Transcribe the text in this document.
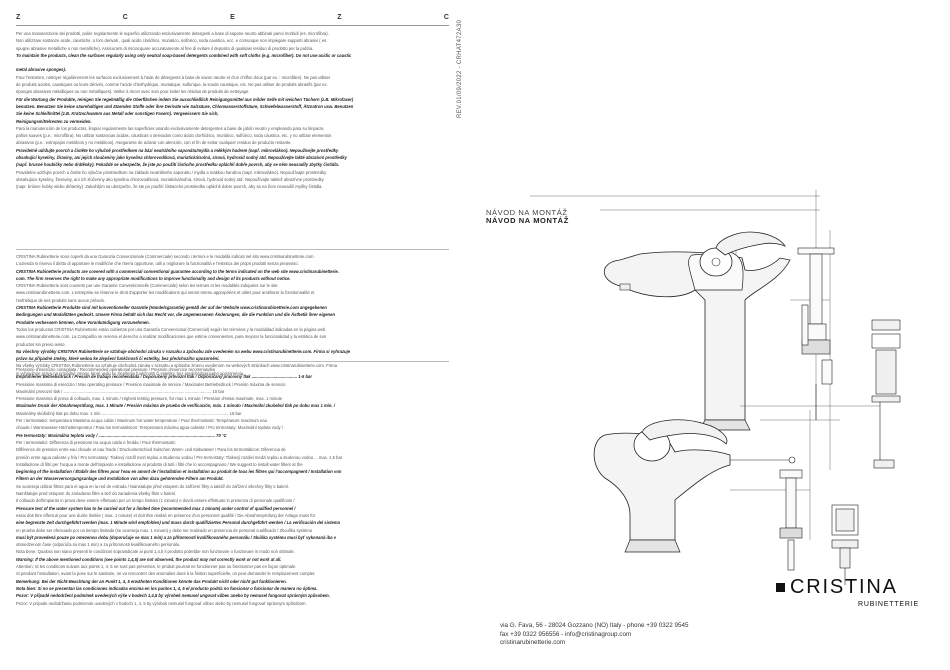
Z	C	E	Z	C

Per una manutenzione dei prodotti, pulire regolarmente le superfici utilizzando esclusivamente detergenti a base di sapone neutro abbinati panni morbidi (es. microfibra).

Non utilizzare sostanze acide, caustiche, o loro derivati , quali acido cloridrico, muriatico, solforico, soda caustica, ecc. e comunque non impiegare supporti abrasivi ( es.

spugne abrasive metalliche o non metalliche). Assicurarsi di risciacquare accuratamente al fine di evitare il deposito di qualsiasi residuo di prodotto per la pulizia.

To maintain the products, clean the surfaces regularly using only neutral soap-based detergents combined with soft cloths (e.g. microfiber). Do not use acidic or caustic

metal abrasive sponges).

Pour l'entretien, nettoyer régulièrement les surfaces exclusivement à l'aide de détergents à base de savon neutre et d'un chiffon doux (par ex. : microfibre). Ne pas utiliser

de produits acides, caustiques ou leurs dérivés, comme l'acide chlorhydrique, muriatique, sulfurique, la soude caustique, etc. Ne pas utiliser de produits abrasifs (par ex.

éponges abrasives métalliques ou non métalliques). Veiller à rincer avec soin pour éviter les résidus de produits de nettoyage.

Für die Wartung der Produkte, reinigen Sie regelmäßig die Oberflächen indem Sie ausschließlich Reinigungsmittel aus milder Seife mit weichen Tüchern (z.B. Mikrofaser)

benutzen. Benutzen Sie keine säurehaltigen und ätzenden Stoffe oder ihre Derivate wie Salzsäure, Chlorwasserstoffsäure, Schwefelwasserstoff, Ätznatron usw. Benutzen

Sie keine Schleifmittel (z.B. Kratzschwamm aus Metall oder sonstigen Fasern). Vergewissern Sie sich,

Reinigungsmittelresten zu vermeiden.

Para la manutención de los productos, limpiar regularmente las superficies usando exclusivamente detergentes a base de jabón neutro y empleando para su limpieza

paños suaves (p.e.: microfibra). No utilizar sustancias ácidas, cáusticas o derivados como ácido clorhídrico, muriático, sulfúrico, soda cáustica, etc. y no utilizar elementos

abrasivos (p.e.: estropajos metálicos y no metálicos). Asegurarse de aclarar con atención, con el fin de evitar cualquier residuo de producto restante.

Pravidelně udržujte povrch a čistěte ho výlučně prostředkem na bázi neutrálního saponátu/mýdla a měkkým hadrem (např. mikrovlákno). Nepoužívejte prostředky

obsahující kyseliny, žíraviny, ani jejich sloučeniny jako kyselina chlorovodíková, muriatická/solná, sírová, hydroxid sodný atd. Nepoužívejte takté abrazivní prostředky

(např. brusné houbičky nebo drátěnky). Pokaždé se ubezpečte, že jste po použití čisticího prostředku opláchli dobře povrch, aby se něm neusadily zbytky čistidla.

Pravidelne udržujte povrch a čistite ho výlučne prostriedkom na základe neutrálneho saponátu / mydla a mäkkou handrou (napr. mikrovlákno). Nepoužívajte prostriedky

obsahujúce kyseliny, žieraviny, ani ich zlúčeniny ako kyselina chlorovodíková, muriatická/soľná, sírová, hydroxid sodný atď. Nepoužívajte taktiež abrazívne prostriedky

(napr. brúsne hubky alebo drôtenky). Zakaždým sa ubezpečte, že ste po použití čistiaceho prostriedku opláchli dobre povrch, aby sa na ňom neusadili zvyšky čistidla.

CRISTINA Rubinetterie sono coperti da una Garanzia Convenzionale (Commerciale) secondo i termini e le modalità indicati nel sito www.cristinarubinetterie.com.

L'azienda si riserva il diritto di apportare le modifiche che riterrà opportune, utili a migliorare la funzionalità e l'estetica dei propri prodotti senza preavviso.

CRISTINA Rubinetterie products are covered with a commercial conventional guarantee according to the terms indicated on the web site www.cristinarubinetterie.

com. The firm reserves the right to make any appropriate modifications to improve functionality and design of its products without notice.

CRISTINA Rubinetterie sont couverts par une Garantie Conventionnelle (Commerciale) selon les termes et les modalités indiquées sur le site

www.cristinarubinetterie.com. L'entreprise se réserve le droit d'apporter les modifications qui seront retenu appropriées et utiles pour améliorer la fonctionnalité et

l'esthétique de ses produits sans aucun préavis.

CRISTINA Rubinetterie Produkte sind mit konventioneller Garantie (Handelsgarantie) gemäß der auf der Website www.cristinarubinetterie.com angegebenen

Bedingungen und Modalitäten gedeckt. Unsere Firma behält sich das Recht vor, die angemessenen Änderungen, die die Funktion und die Ästhetik ihrer eigenen

Produkte verbessern können, ohne Vorankündigung vorzunehmen.

Todos los productos CRISTINA Rubinetterie están cubiertos por una Garantía Convencional (Comercial) según los términos y la modalidad indicadas en la página web

www.cristinarubinetterie.com. La Compañía se reserva el derecho a realizar modificaciones que estime convenientes, para mejorar la funcionalidad y la estética de sus

productos sin previo aviso.

Na všechny výrobky CRISTINA Rubinetterie se vztahuje obchodní záruka v rozsahu a způsobu zde uvedeném na webu www.cristinarubinetterie.com. Firma si vyhrazuje

právo na případné změny, které vedou ke zlepšení funkčnosti či estetiky, bez předchozího upozornění.

Na všetky výrobky CRISTINA Rubinetterie sa vzťahuje obchodná záruka v rozsahu a spôsobe zmenu uvedenom na webových stránkach www.cristinarubinetterie.com. Firma

si vyhradzuje právo na prípadné zmeny, ktoré vedú ku zlepšeniu funkčnosti či estetiky, bez predchádzajúceho upozornenia.

Pressione d'esercizio consigliata / Recommended operational pressure / Pression d'exercice recommandée

Empfohlener Betriebsdruck / Presión de trabajo recomendada / Doporučený provozní tlak / Odporúčaný pracovný tlak ....................................... 1-5 bar

Pressione massima di esercizio / Max operating pressure / Pression maximale de service / Maximaler Betriebsdruck / Presión máxima de servicio

Maximální provozní tlak / ............................................................................................................................... 10 bar

Pressione massima di prova di collaudo, max. 1 minuto / Highest testing pressure, for max 1 minute / Pression d'essai maximale, max. 1 minute

Maximaler Druck der Abnahmeprüfung, max. 1 Minute / Presión máxima de prueba de verificación, máx. 1 minuto / Maximální zkušební tlak po dobu max 1 min. /

Maximálny skúšobný tlak po dobu max. 1 min ............................................................................................................. 16 bar

Per i termostatici: temperatura Massima acqua calda / Maximum hot water temperature / Pour thermostatic: Température maximum eau

chaude / Warmwasser-Höchsttemperatur / Para los termostáticos: Temperatura máxima agua caliente / Pro termostaty: Maximální teplota vody /

Pre termostaty: Maximálna teplota vody / .................................................................................................... 70 °C

Per i termostatici: Differenza di pressione tra acqua calda e fredda / Pour thermostatic:

Différence de pression entre eau chaude et eau froide / Druckunterschied zwischen Warm- und Kaltwasser / Para los termostáticos: Diferencia de

presión entre agua caliente y fría / Pro termostaty: Tlakový rozdíl mezi teplou a studenou vodou / Pre termostaty: Tlakový rozdiel medzi teplou a studenou vodou ... max. 1,5 bar

Installazione di filtri per l'acqua a monte dell'impianto e installazione al prodotto di tutti i filtri che lo accompagnano / We suggest to install water filters at the

beginning of the installation / Établir des filtres pour l'eau en amont de l'installation et installation au produit de tous les filtres qui l'accompagnent / Installation von

Filtern an der Wasserversorgungsanlage und Installation von allen dazu gehörenden Filtern am Produkt.

Se aconseja utilizar filtros para el agua en la red de entrada / Nainstalujte před vstupem do zařízení filtry a taktéž do zařízení všechny filtry s balení.

Nainštalujte pred vstupom do zariadenia filtre a tiež do zariadenia všetky filtre v balení.

Il collaudo dell'impianto in prova deve essere effettuato per un tempo limitato (1 minuto) e dovrà essere effettuato in presenza di personale qualificato /

Pressure test of the water system has to be carried out for a limited time (recommended max 1 minute) under control of qualified personnel /

essai doit être effectué pour une durée limitée ( max. 1 minute) et doit être réalisé en présence d'un personnel qualifié / Die Abnahmeprüfung der Anlage muss für

eine begrenzte Zeit durchgeführt werden (max. 1 Minute wird empfohlen) und muss durch qualifiziertes Personal durchgeführt werden / La verificación del sistema

en prueba debe ser efectuado por un tiempo limitado (se aconseja max. 1 minuto) y debe ser realizado en presencia de personal cualificado / Zkouška systému

musí být provedená pouze po omezenou dobu (doporučuje se max 1 min) a za přítomnosti kvalifikovaného personálu / Skúška systému musí byť vykonaná iba v

obmedzenom čase (odporúča sa max 1 min) a za prítomnosti kvalifikovaného personálu.

Nota bene: Qualora non siano presenti le condizioni sopraindicate ai punti 1,4,5 il prodotto potrebbe non funzionare o funzionare in modo non ottimale.

Warning: If the above mentioned conditions (see points 1,4,5) are not observed, the product may not correctly work or not work at all.

Attention: Si les conditions suivant aux points 1, 4, 5 ne sont pas présentes, le produit pourrait ne fonctionner pas ou fonctionner pas en façon optimale.

Si pendant l'installation, avant la pose sur le sanitaire, on va rencontrer des anomalies dues à la finition superficielle, on peut demander le remplacement complet.

Bemerkung: Bei der Nicht-Beachtung der an Punkt 1, 4, 5 erwähnten Konditionen könnte das Produkt nicht oder nicht gut funktionieren.

Nota bien: Si no se presentan las condiciones indicadas encima en los puntos 1, 4, 5 el producto podría no funcionar o funcionar de manera no óptima.

Pozor: V případě nedodržení podmínek uvedených výše v bodech 1,4,5 by výrobek nemusel ungovat vůbec anebo by nemusel fungovat správným způsobem.

Pozor: V prípade nedodržania podmienok uvedených v bodoch 1, 4, 5 by výrobok nemusel fungovať vôbec alebo by nemusel fungovať správnym spôsobom.

REV.01/09/2022 - CRHAT472A30
NÁVOD NA MONTÁŽ
NÁVOD NA MONTÁŽ
CRISTINA
RUBINETTERIE
via G. Fava, 56 - 28024 Gozzano (NO) Italy - phone +39 0322 9545
fax +39 0322 956556 - info@cristinagroup.com
cristinarubinetterie.com
